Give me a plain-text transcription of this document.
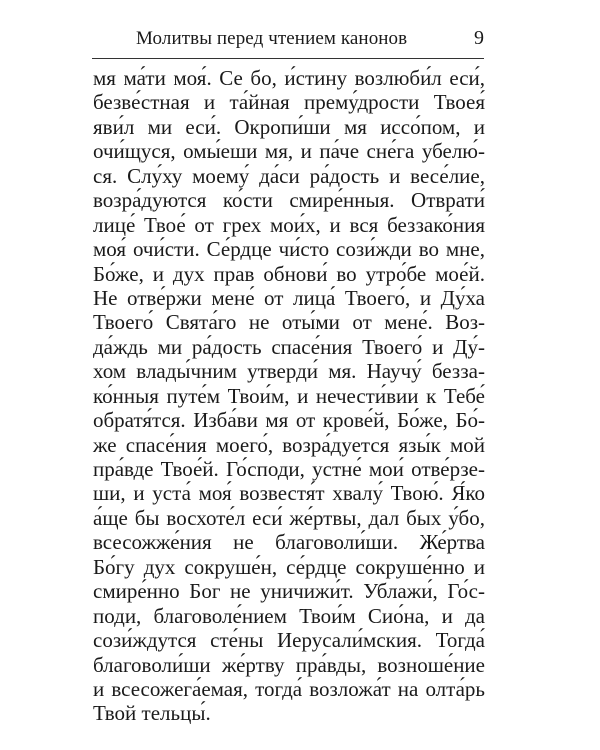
Молитвы перед чтением канонов	9
мя ма́ти моя́. Се бо, и́стину возлюби́л еси́,
безве́стная и та́йная прему́дрости Твоея́
яви́л ми еси́. Окропи́ши мя иссо́пом, и
очи́щуся, омы́еши мя, и па́че сне́га убелю́-
ся. Слу́ху моему́ да́си ра́дость и весе́лие,
возра́дуются ко́сти смире́нныя. Отврати́
лице́ Твое́ от грех мои́х, и вся беззако́ния
моя́ очи́сти. Се́рдце чи́сто сози́жди во мне,
Бо́же, и дух прав обнови́ во утро́бе мое́й.
Не отве́ржи мене́ от лица́ Твоего́, и Ду́ха
Твоего́ Свята́го не оты́ми от мене́. Воз-
да́ждь ми ра́дость спасе́ния Твоего́ и Ду́-
хом влады́чним утверди́ мя. Научу́ безза-
ко́нныя путе́м Твои́м, и нечести́вии к Тебе́
обратя́тся. Изба́ви мя от крове́й, Бо́же, Бо́-
же спасе́ния моего́, возра́дуется язы́к мой
пра́вде Твое́й. Го́споди, устне́ мои́ отве́рзе-
ши, и уста́ моя́ возвестя́т хвалу́ Твою́. Я́ко
а́ще бы восхоте́л еси́ же́ртвы, дал бых у́бо,
всесожже́ния не благоволи́ши. Же́ртва
Бо́гу дух сокруше́н, се́рдце сокруше́нно и
смире́нно Бог не уничижи́т. Ублажи́, Го́с-
поди, благоволе́нием Твои́м Сио́на, и да
сози́ждутся сте́ны Иерусали́мския. Тогда́
благоволи́ши же́ртву пра́вды, возноше́ние
и всесожега́емая, тогда́ возложа́т на олта́рь
Твой тельцы́.
